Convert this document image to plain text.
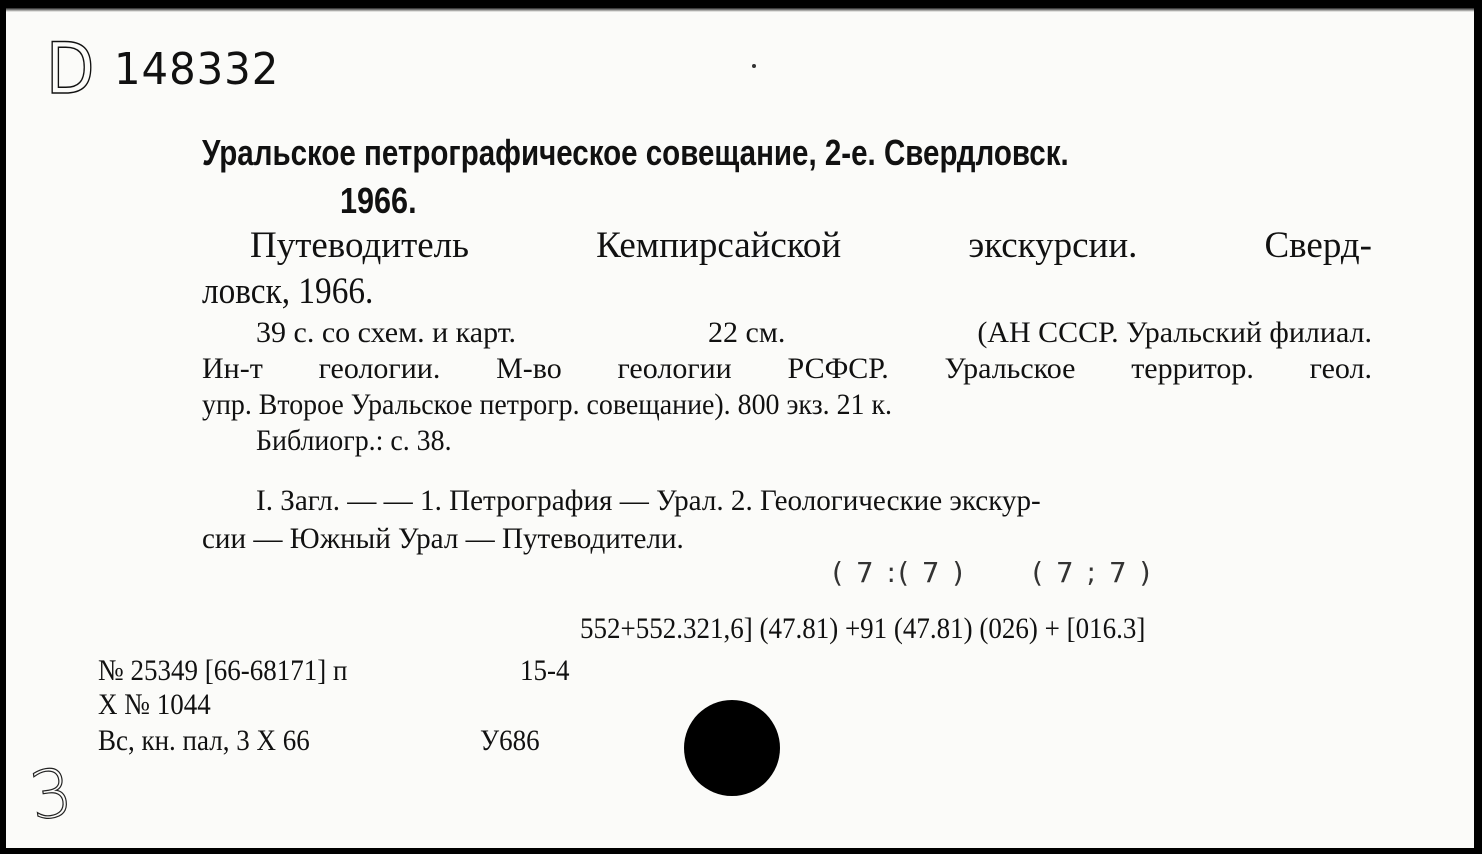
D 148332
Уральское петрографическое совещание, 2-е. Свердловск.
1966.
Путеводитель	Кемпирсайской	экскурсии.	Сверд-
ловск, 1966.
39 с. со схем. и карт.	22 см.	(АН СССР. Уральский филиал.
Ин-т геологии. М-во геологии РСФСР. Уральское территор. геол.
упр. Второе Уральское петрогр. совещание). 800 экз. 21 к.
Библиогр.: с. 38.
I. Загл. — — 1. Петрография — Урал. 2. Геологические экскур-
сии — Южный Урал — Путеводители.
( 7 :( 7 ) ( 7 ; 7 )
552+552.321,6] (47.81) +91 (47.81) (026) + [016.3]
№ 25349 [66-68171] п	15-4
Х № 1044
Вс, кн. пал, 3 Х 66	У686
3
